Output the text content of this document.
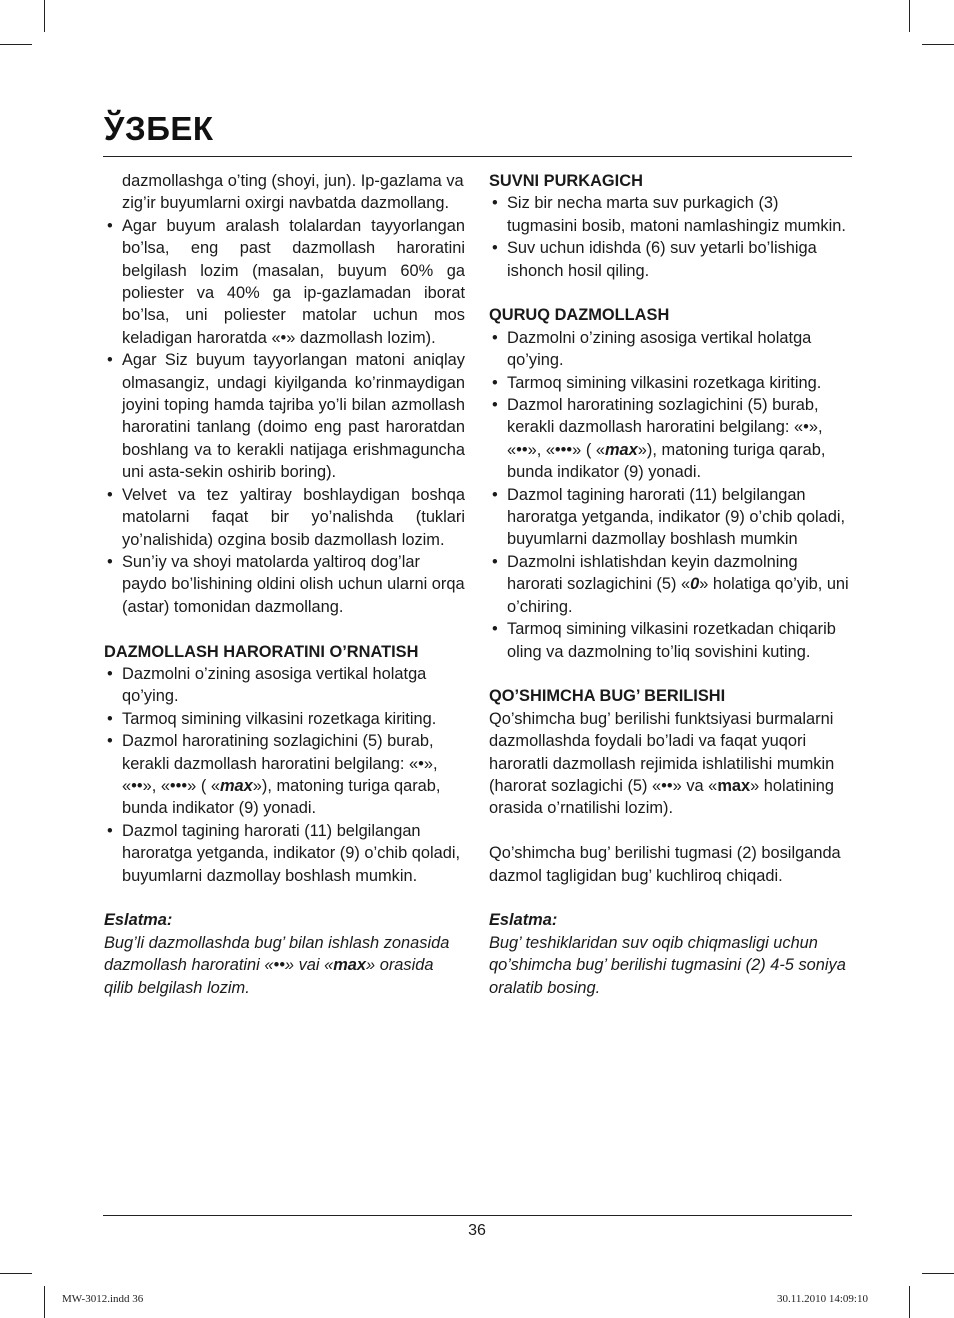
ЎЗБЕК

dazmollashga o’ting (shoyi, jun). Ip-gazlama va zig’ir buyumlarni oxirgi navbatda dazmollang.

• Agar buyum aralash tolalardan tayyorlangan bo’lsa, eng past dazmollash haroratini belgilash lozim (masalan, buyum 60% ga poliester va 40% ga ip-gazlamadan iborat bo’lsa, uni poliester matolar uchun mos keladigan haroratda «•» dazmollash lozim).
• Agar Siz buyum tayyorlangan matoni aniqlay olmasangiz, undagi kiyilganda ko’rinmaydigan joyini toping hamda tajriba yo’li bilan azmollash haroratini tanlang (doimo eng past haroratdan boshlang va to kerakli natijaga erishmaguncha uni asta-sekin oshirib boring).
• Velvet va tez yaltiray boshlaydigan boshqa matolarni faqat bir yo’nalishda (tuklari yo’nalishida) ozgina bosib dazmollash lozim.
• Sun’iy va shoyi matolarda yaltiroq dog’lar paydo bo’lishining oldini olish uchun ularni orqa (astar) tomonidan dazmollang.

DAZMOLLASH HARORATINI O’RNATISH

• Dazmolni o’zining asosiga vertikal holatga qo’ying.
• Tarmoq simining vilkasini rozetkaga kiriting.
• Dazmol haroratining sozlagichini (5) burab, kerakli dazmollash haroratini belgilang: «•», «••», «•••» ( «max»), matoning turiga qarab, bunda indikator (9) yonadi.
• Dazmol tagining harorati (11) belgilangan haroratga yetganda, indikator (9) o’chib qoladi, buyumlarni dazmollay boshlash mumkin.

Eslatma:

Bug’li dazmollashda bug’ bilan ishlash zonasida dazmollash haroratini «••» vai «max» orasida qilib belgilash lozim.

SUVNI PURKAGICH

• Siz bir necha marta suv purkagich (3) tugmasini bosib, matoni namlashingiz mumkin.
• Suv uchun idishda (6) suv yetarli bo’lishiga ishonch hosil qiling.

QURUQ DAZMOLLASH

• Dazmolni o’zining asosiga vertikal holatga qo’ying.
• Tarmoq simining vilkasini rozetkaga kiriting.
• Dazmol haroratining sozlagichini (5) burab, kerakli dazmollash haroratini belgilang: «•», «••», «•••» ( «max»), matoning turiga qarab, bunda indikator (9) yonadi.
• Dazmol tagining harorati (11) belgilangan haroratga yetganda, indikator (9) o’chib qoladi, buyumlarni dazmollay boshlash mumkin
• Dazmolni ishlatishdan keyin dazmolning harorati sozlagichini (5) «0» holatiga qo’yib, uni o’chiring.
• Tarmoq simining vilkasini rozetkadan chiqarib oling va dazmolning to’liq sovishini kuting.

QO’SHIMCHA BUG’ BERILISHI

Qo’shimcha bug’ berilishi funktsiyasi burmalarni dazmollashda foydali bo’ladi va faqat yuqori haroratli dazmollash rejimida ishlatilishi mumkin (harorat sozlagichi (5) «••» va «max» holatining orasida o’rnatilishi lozim).

Qo’shimcha bug’ berilishi tugmasi (2) bosilganda dazmol tagligidan bug’ kuchliroq chiqadi.

Eslatma:

Bug’ teshiklaridan suv oqib chiqmasligi uchun qo’shimcha bug’ berilishi tugmasini (2) 4-5 soniya oralatib bosing.

36
MW-3012.indd 36	30.11.2010 14:09:10
